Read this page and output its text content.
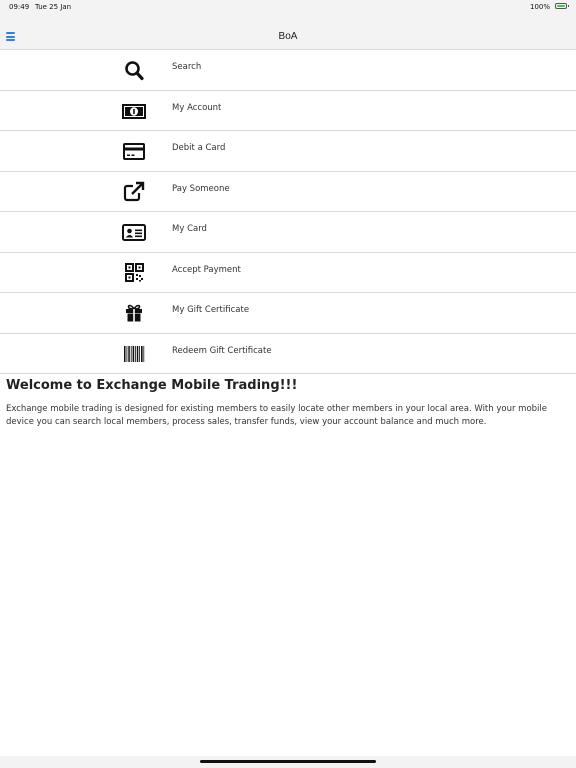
09:49 Tue 25 Jan	100%
BoA
Search
My Account
Debit a Card
Pay Someone
My Card
Accept Payment
My Gift Certificate
Redeem Gift Certificate
Welcome to Exchange Mobile Trading!!!

Exchange mobile trading is designed for existing members to easily locate other members in your local area. With your mobile device you can search local members, process sales, transfer funds, view your account balance and much more.
